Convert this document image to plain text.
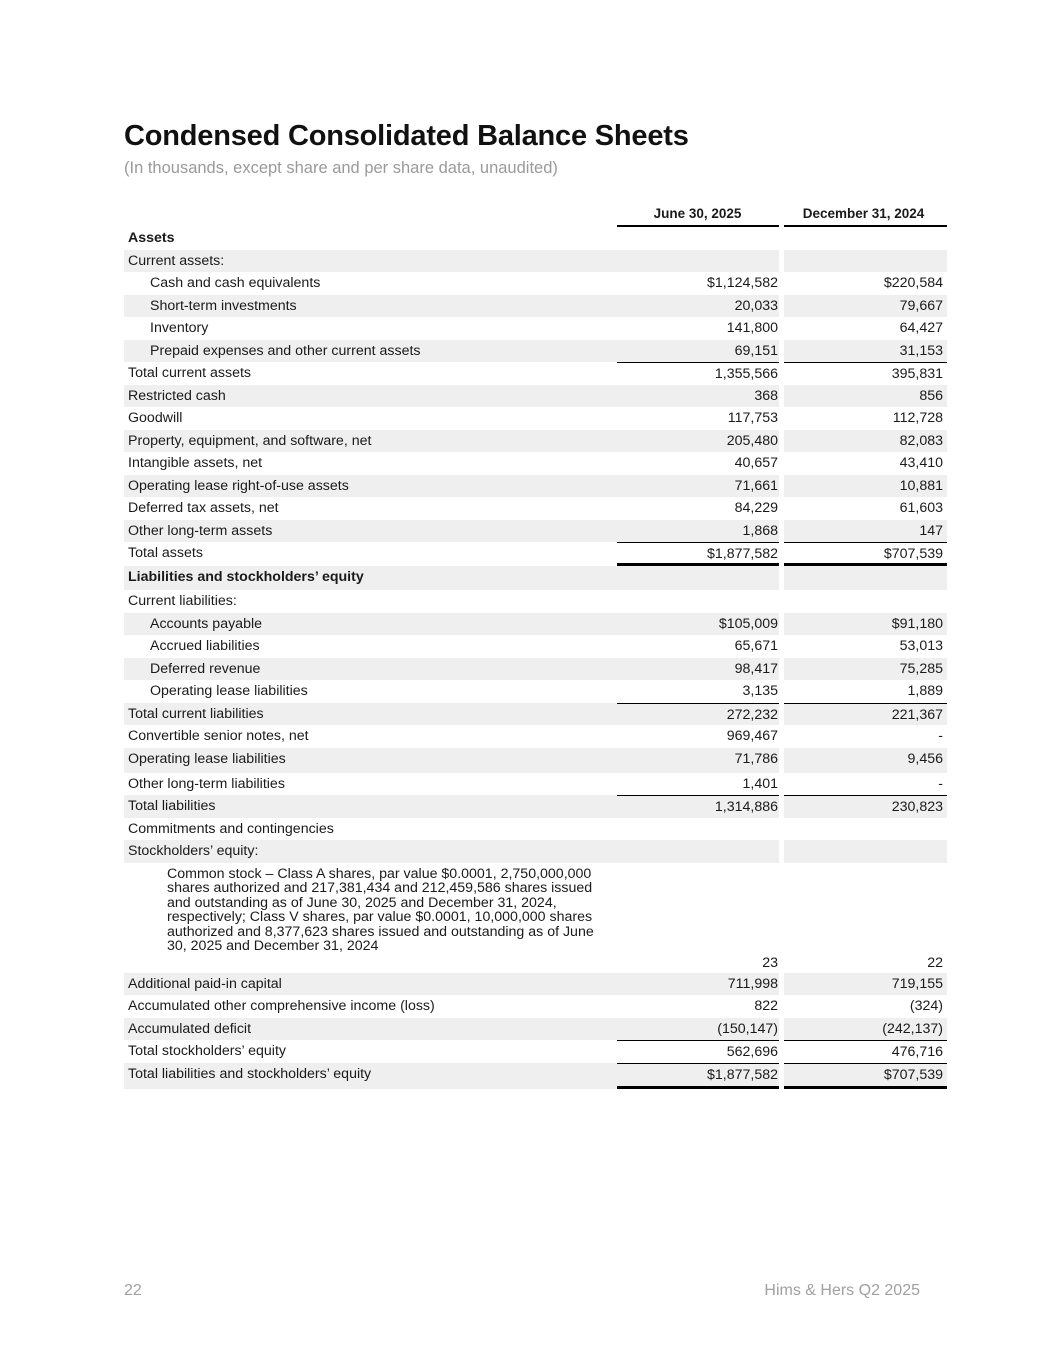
Condensed Consolidated Balance Sheets
(In thousands, except share and per share data, unaudited)
June 30, 2025	December 31, 2024
Assets
Current assets:
Cash and cash equivalents	$1,124,582	$220,584
Short-term investments	20,033	79,667
Inventory	141,800	64,427
Prepaid expenses and other current assets	69,151	31,153
Total current assets	1,355,566	395,831
Restricted cash	368	856
Goodwill	117,753	112,728
Property, equipment, and software, net	205,480	82,083
Intangible assets, net	40,657	43,410
Operating lease right-of-use assets	71,661	10,881
Deferred tax assets, net	84,229	61,603
Other long-term assets	1,868	147
Total assets	$1,877,582	$707,539
Liabilities and stockholders’ equity
Current liabilities:
Accounts payable	$105,009	$91,180
Accrued liabilities	65,671	53,013
Deferred revenue	98,417	75,285
Operating lease liabilities	3,135	1,889
Total current liabilities	272,232	221,367
Convertible senior notes, net	969,467	-
Operating lease liabilities	71,786	9,456
Other long-term liabilities	1,401	-
Total liabilities	1,314,886	230,823
Commitments and contingencies
Stockholders’ equity:
Common stock – Class A shares, par value $0.0001, 2,750,000,000 shares authorized and 217,381,434 and 212,459,586 shares issued and outstanding as of June 30, 2025 and December 31, 2024, respectively; Class V shares, par value $0.0001, 10,000,000 shares authorized and 8,377,623 shares issued and outstanding as of June 30, 2025 and December 31, 2024
23	22
Additional paid-in capital	711,998	719,155
Accumulated other comprehensive income (loss)	822	(324)
Accumulated deficit	(150,147)	(242,137)
Total stockholders’ equity	562,696	476,716
Total liabilities and stockholders’ equity	$1,877,582	$707,539
22	Hims & Hers Q2 2025
